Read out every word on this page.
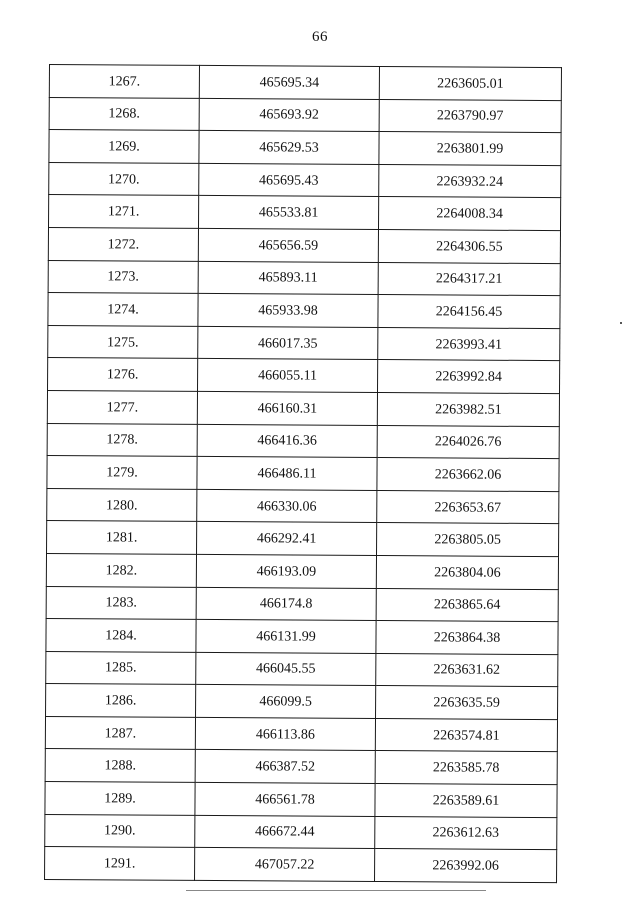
66
1267.	465695.34	2263605.01
1268.	465693.92	2263790.97
1269.	465629.53	2263801.99
1270.	465695.43	2263932.24
1271.	465533.81	2264008.34
1272.	465656.59	2264306.55
1273.	465893.11	2264317.21
1274.	465933.98	2264156.45
1275.	466017.35	2263993.41
1276.	466055.11	2263992.84
1277.	466160.31	2263982.51
1278.	466416.36	2264026.76
1279.	466486.11	2263662.06
1280.	466330.06	2263653.67
1281.	466292.41	2263805.05
1282.	466193.09	2263804.06
1283.	466174.8	2263865.64
1284.	466131.99	2263864.38
1285.	466045.55	2263631.62
1286.	466099.5	2263635.59
1287.	466113.86	2263574.81
1288.	466387.52	2263585.78
1289.	466561.78	2263589.61
1290.	466672.44	2263612.63
1291.	467057.22	2263992.06
